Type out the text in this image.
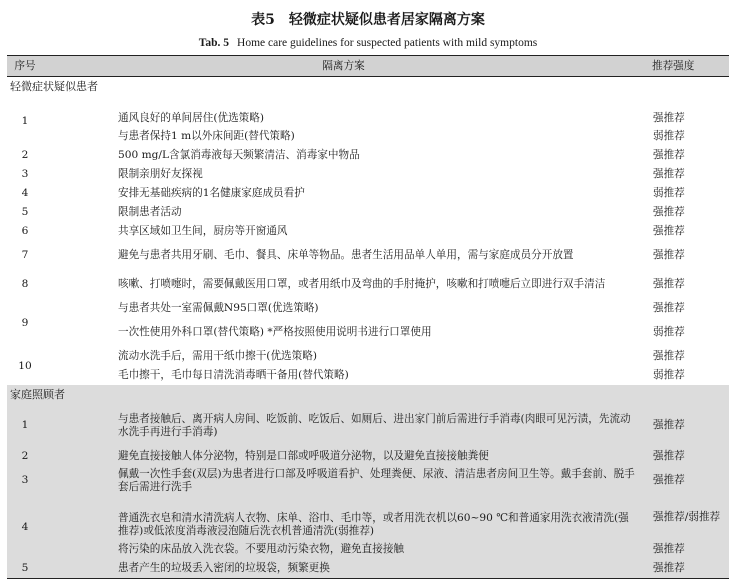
表5　轻微症状疑似患者居家隔离方案
Tab. 5 Home care guidelines for suspected patients with mild symptoms
序号	隔离方案	推荐强度
轻微症状疑似患者		
1	通风良好的单间居住(优选策略)	强推荐
	与患者保持1 m以外床间距(替代策略)	弱推荐
2	500 mg/L含氯消毒液每天频繁清洁、消毒家中物品	强推荐
3	限制亲朋好友探视	强推荐
4	安排无基础疾病的1名健康家庭成员看护	弱推荐
5	限制患者活动	强推荐
6	共享区域如卫生间，厨房等开窗通风	强推荐
7	避免与患者共用牙刷、毛巾、餐具、床单等物品。患者生活用品单人单用，需与家庭成员分开放置	强推荐
8	咳嗽、打喷嚏时，需要佩戴医用口罩，或者用纸巾及弯曲的手肘掩护，咳嗽和打喷嚏后立即进行双手清洁	强推荐
9	与患者共处一室需佩戴N95口罩(优选策略)	强推荐
	一次性使用外科口罩(替代策略) *严格按照使用说明书进行口罩使用	弱推荐
10	流动水洗手后，需用干纸巾擦干(优选策略)	强推荐
	毛巾擦干，毛巾每日清洗消毒晒干备用(替代策略)	弱推荐
家庭照顾者		
1	与患者接触后、离开病人房间、吃饭前、吃饭后、如厕后、进出家门前后需进行手消毒(肉眼可见污渍，先流动水洗手再进行手消毒)	强推荐
2	避免直接接触人体分泌物，特别是口部或呼吸道分泌物，以及避免直接接触粪便	强推荐
3	佩戴一次性手套(双层)为患者进行口部及呼吸道看护、处理粪便、尿液、清洁患者房间卫生等。戴手套前、脱手套后需进行洗手	强推荐
4	普通洗衣皂和清水清洗病人衣物、床单、浴巾、毛巾等，或者用洗衣机以60~90 ℃和普通家用洗衣液清洗(强推荐)或低浓度消毒液浸泡随后洗衣机普通清洗(弱推荐)	强推荐/弱推荐
	将污染的床品放入洗衣袋。不要甩动污染衣物，避免直接接触	强推荐
5	患者产生的垃圾丢入密闭的垃圾袋，频繁更换	强推荐
